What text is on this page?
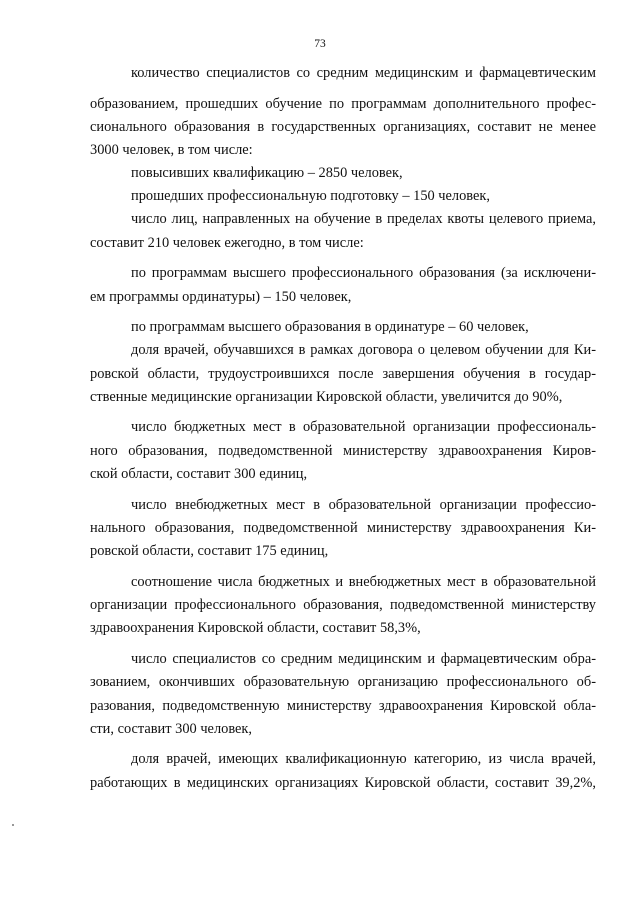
73
количество специалистов со средним медицинским и фармацевтическим
образованием, прошедших обучение по программам дополнительного профес-
сионального образования в государственных организациях, составит не менее
3000 человек, в том числе:
повысивших квалификацию – 2850 человек,
прошедших профессиональную подготовку – 150 человек,
число лиц, направленных на обучение в пределах квоты целевого приема,
составит 210 человек ежегодно, в том числе:
по программам высшего профессионального образования (за исключени-
ем программы ординатуры) – 150 человек,
по программам высшего образования в ординатуре – 60 человек,
доля врачей, обучавшихся в рамках договора о целевом обучении для Ки-
ровской области, трудоустроившихся после завершения обучения в государ-
ственные медицинские организации Кировской области, увеличится до 90%,
число бюджетных мест в образовательной организации профессиональ-
ного образования, подведомственной министерству здравоохранения Киров-
ской области, составит 300 единиц,
число внебюджетных мест в образовательной организации профессио-
нального образования, подведомственной министерству здравоохранения Ки-
ровской области, составит 175 единиц,
соотношение числа бюджетных и внебюджетных мест в образовательной
организации профессионального образования, подведомственной министерству
здравоохранения Кировской области, составит 58,3%,
число специалистов со средним медицинским и фармацевтическим обра-
зованием, окончивших образовательную организацию профессионального об-
разования, подведомственную министерству здравоохранения Кировской обла-
сти, составит 300 человек,
доля врачей, имеющих квалификационную категорию, из числа врачей,
работающих в медицинских организациях Кировской области, составит 39,2%,
